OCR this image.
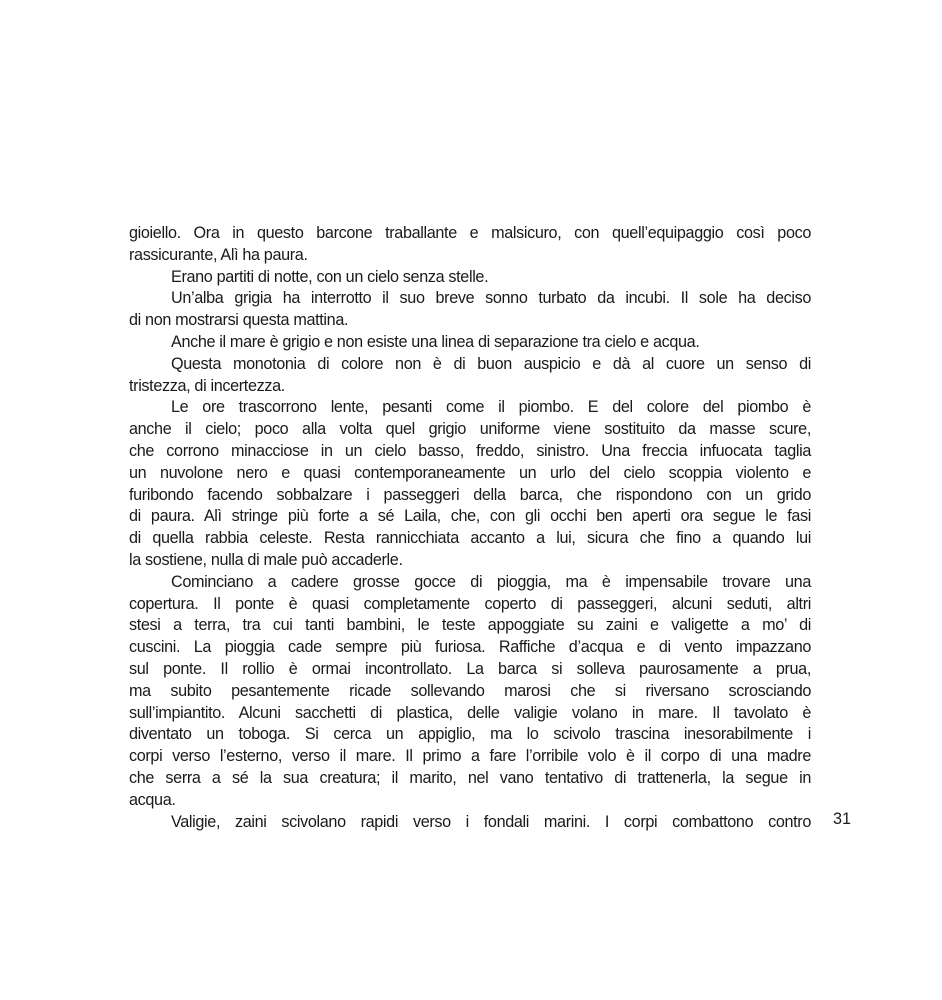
gioiello. Ora in questo barcone traballante e malsicuro, con quell’equipaggio così poco
rassicurante, Alì ha paura.
Erano partiti di notte, con un cielo senza stelle.
Un’alba grigia ha interrotto il suo breve sonno turbato da incubi. Il sole ha deciso
di non mostrarsi questa mattina.
Anche il mare è grigio e non esiste una linea di separazione tra cielo e acqua.
Questa monotonia di colore non è di buon auspicio e dà al cuore un senso di
tristezza, di incertezza.
Le ore trascorrono lente, pesanti come il piombo. E del colore del piombo è
anche il cielo; poco alla volta quel grigio uniforme viene sostituito da masse scure,
che corrono minacciose in un cielo basso, freddo, sinistro. Una freccia infuocata taglia
un nuvolone nero e quasi contemporaneamente un urlo del cielo scoppia violento e
furibondo facendo sobbalzare i passeggeri della barca, che rispondono con un grido
di paura. Alì stringe più forte a sé Laila, che, con gli occhi ben aperti ora segue le fasi
di quella rabbia celeste. Resta rannicchiata accanto a lui, sicura che fino a quando lui
la sostiene, nulla di male può accaderle.
Cominciano a cadere grosse gocce di pioggia, ma è impensabile trovare una
copertura. Il ponte è quasi completamente coperto di passeggeri, alcuni seduti, altri
stesi a terra, tra cui tanti bambini, le teste appoggiate su zaini e valigette a mo’ di
cuscini. La pioggia cade sempre più furiosa. Raffiche d’acqua e di vento impazzano
sul ponte. Il rollio è ormai incontrollato. La barca si solleva paurosamente a prua,
ma subito pesantemente ricade sollevando marosi che si riversano scrosciando
sull’impiantito. Alcuni sacchetti di plastica, delle valigie volano in mare. Il tavolato è
diventato un toboga. Si cerca un appiglio, ma lo scivolo trascina inesorabilmente i
corpi verso l’esterno, verso il mare. Il primo a fare l’orribile volo è il corpo di una madre
che serra a sé la sua creatura; il marito, nel vano tentativo di trattenerla, la segue in
acqua.
Valigie, zaini scivolano rapidi verso i fondali marini. I corpi combattono contro 31
